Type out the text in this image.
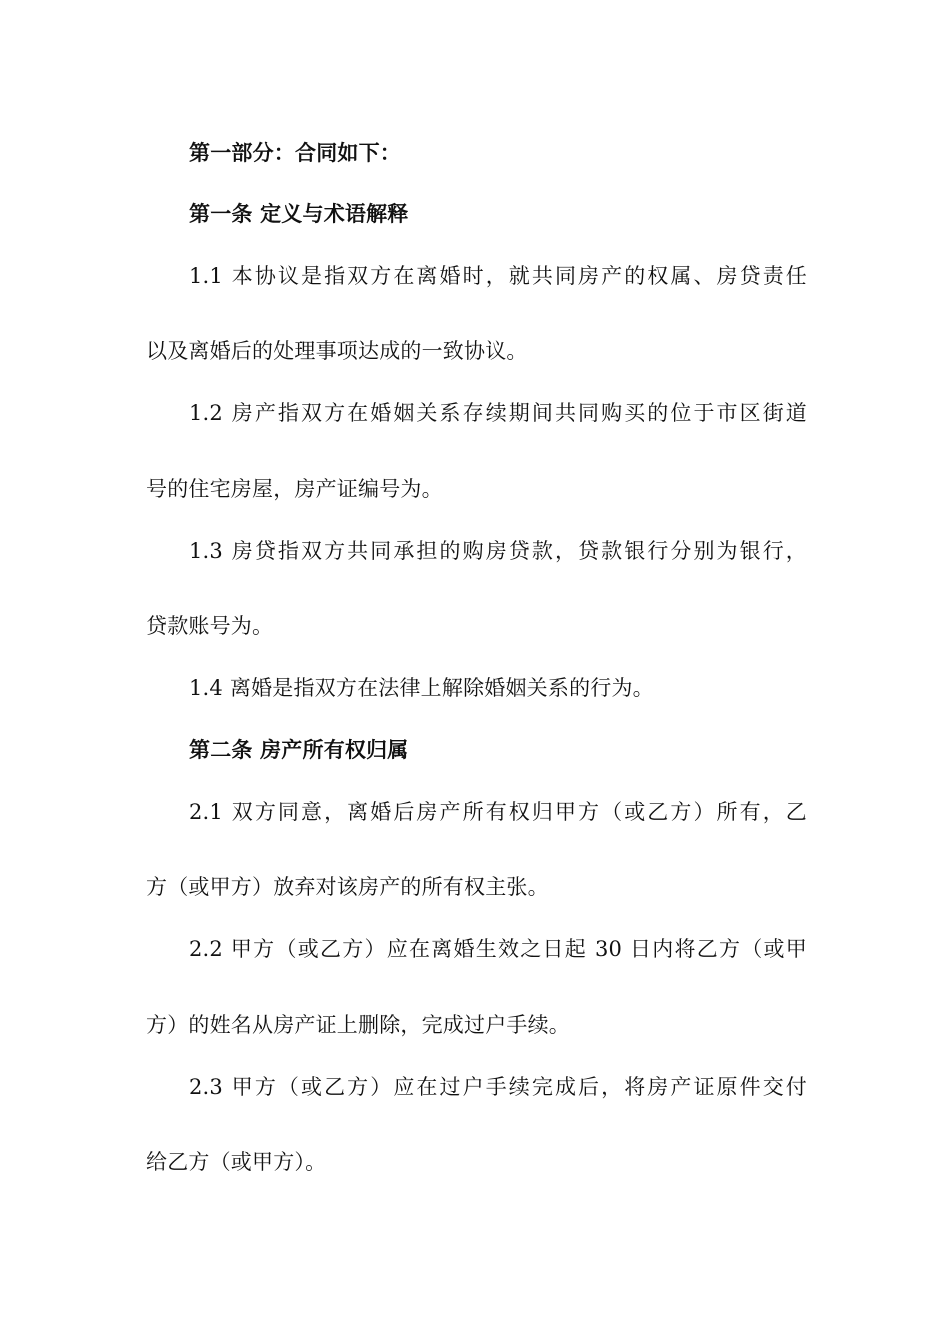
第一部分：合同如下：
第一条 定义与术语解释
1.1 本协议是指双方在离婚时，就共同房产的权属、房贷责任
以及离婚后的处理事项达成的一致协议。
1.2 房产指双方在婚姻关系存续期间共同购买的位于市区街道
号的住宅房屋，房产证编号为。
1.3 房贷指双方共同承担的购房贷款，贷款银行分别为银行，
贷款账号为。
1.4 离婚是指双方在法律上解除婚姻关系的行为。
第二条 房产所有权归属
2.1 双方同意，离婚后房产所有权归甲方（或乙方）所有，乙
方（或甲方）放弃对该房产的所有权主张。
2.2 甲方（或乙方）应在离婚生效之日起 30 日内将乙方（或甲
方）的姓名从房产证上删除，完成过户手续。
2.3 甲方（或乙方）应在过户手续完成后，将房产证原件交付
给乙方（或甲方）。
